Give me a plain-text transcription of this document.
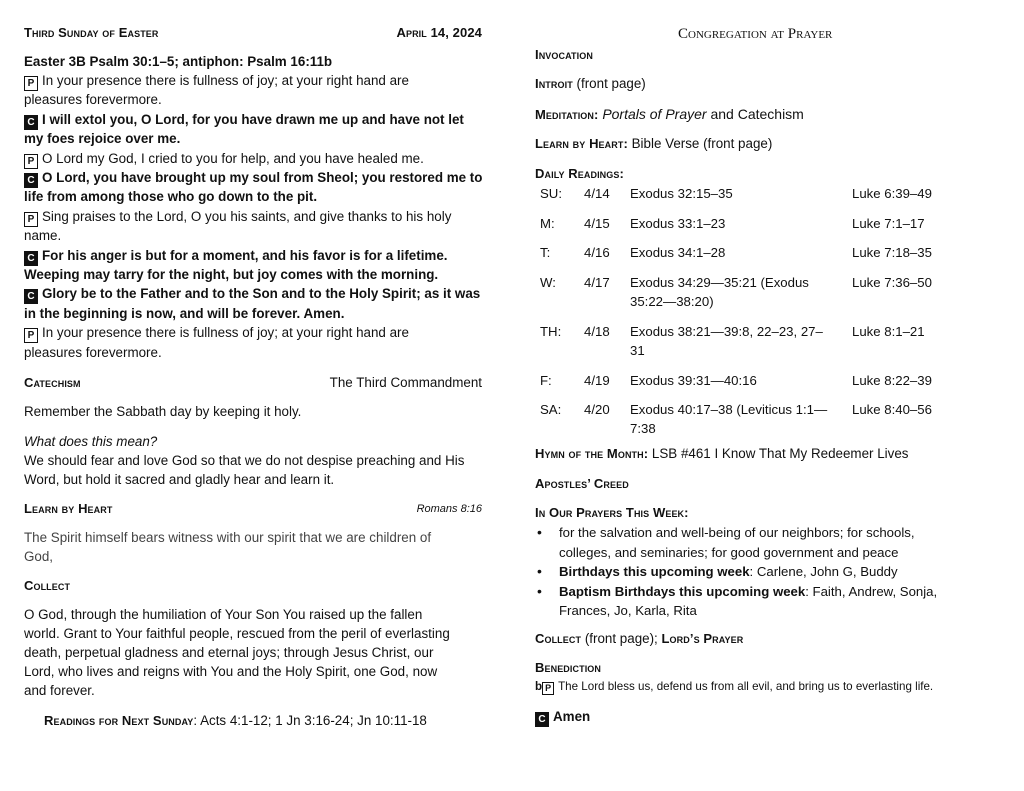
Third Sunday of Easter	April 14, 2024
Easter 3B Psalm 30:1–5; antiphon: Psalm 16:11b
P In your presence there is fullness of joy; at your right hand are
pleasures forevermore.
C I will extol you, O Lord, for you have drawn me up and have not let
my foes rejoice over me.
P O Lord my God, I cried to you for help, and you have healed me.
C O Lord, you have brought up my soul from Sheol; you restored me to
life from among those who go down to the pit.
P Sing praises to the Lord, O you his saints, and give thanks to his holy
name.
C For his anger is but for a moment, and his favor is for a lifetime.
Weeping may tarry for the night, but joy comes with the morning.
C Glory be to the Father and to the Son and to the Holy Spirit; as it was
in the beginning is now, and will be forever. Amen.
P In your presence there is fullness of joy; at your right hand are
pleasures forevermore.
Catechism	The Third Commandment
Remember the Sabbath day by keeping it holy.
What does this mean?
We should fear and love God so that we do not despise preaching and His
Word, but hold it sacred and gladly hear and learn it.
Learn by Heart	Romans 8:16
The Spirit himself bears witness with our spirit that we are children of
God,
Collect
O God, through the humiliation of Your Son You raised up the fallen
world. Grant to Your faithful people, rescued from the peril of everlasting
death, perpetual gladness and eternal joys; through Jesus Christ, our
Lord, who lives and reigns with You and the Holy Spirit, one God, now
and forever.
Readings for Next Sunday: Acts 4:1-12; 1 Jn 3:16-24; Jn 10:11-18
Congregation at Prayer
Invocation
Introit (front page)
Meditation: Portals of Prayer and Catechism
Learn by Heart: Bible Verse (front page)
Daily Readings:
SU:	4/14	Exodus 32:15–35	Luke 6:39–49
M:	4/15	Exodus 33:1–23	Luke 7:1–17
T:	4/16	Exodus 34:1–28	Luke 7:18–35
W:	4/17	Exodus 34:29—35:21 (Exodus
35:22—38:20)	Luke 7:36–50
TH:	4/18	Exodus 38:21—39:8, 22–23, 27–
31	Luke 8:1–21
F:	4/19	Exodus 39:31—40:16	Luke 8:22–39
SA:	4/20	Exodus 40:17–38 (Leviticus 1:1—
7:38	Luke 8:40–56
Hymn of the Month: LSB #461 I Know That My Redeemer Lives
Apostles’ Creed
In Our Prayers This Week:
• for the salvation and well-being of our neighbors; for schools,
colleges, and seminaries; for good government and peace
• Birthdays this upcoming week: Carlene, John G, Buddy
• Baptism Birthdays this upcoming week: Faith, Andrew, Sonja,
Frances, Jo, Karla, Rita
Collect (front page); Lord’s Prayer
Benediction
b P The Lord bless us, defend us from all evil, and bring us to everlasting life.
C Amen
